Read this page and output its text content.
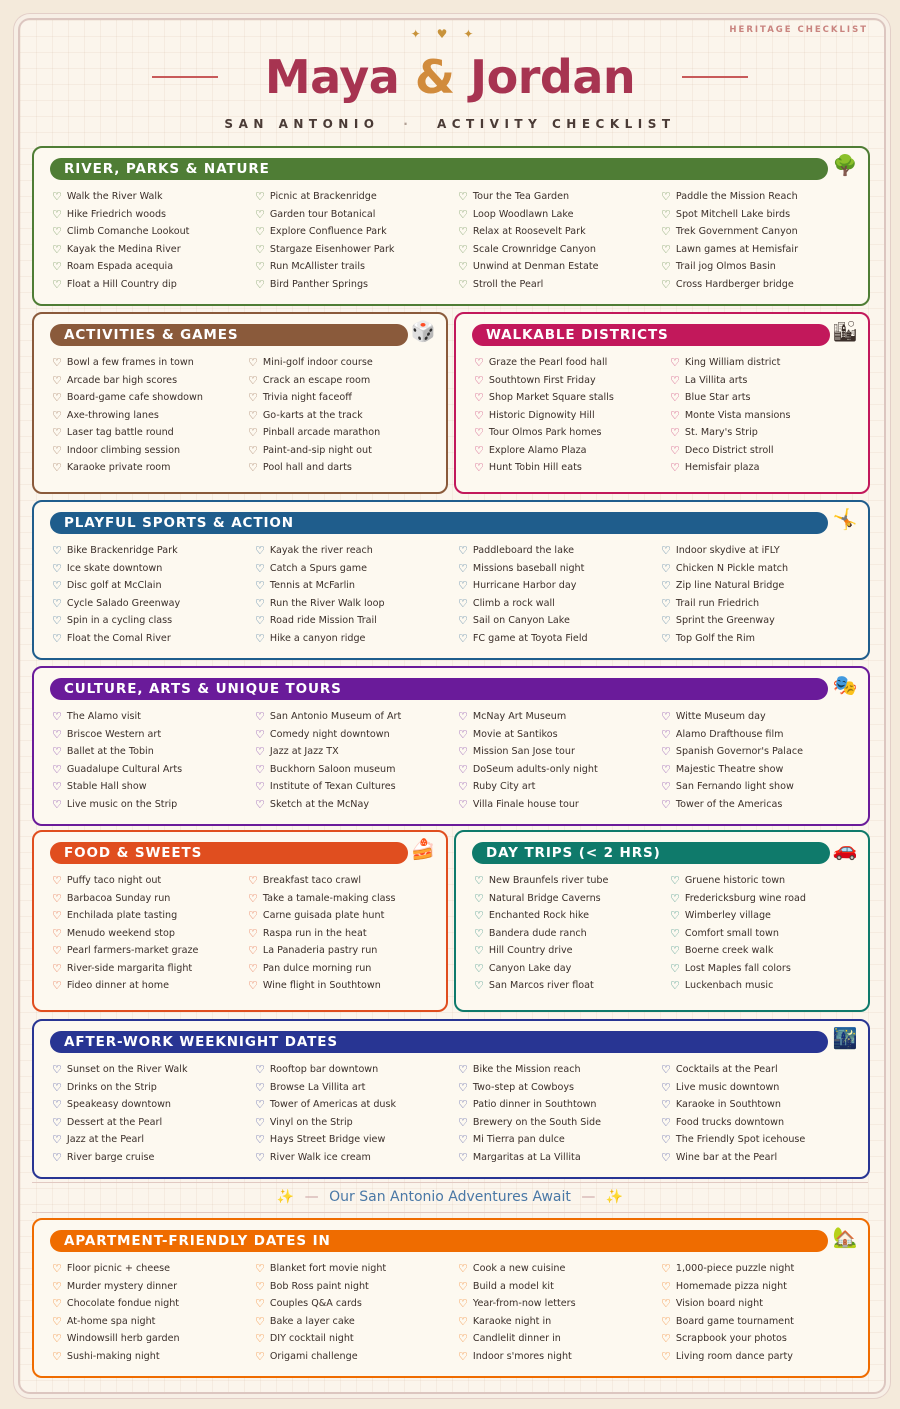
HERITAGE CHECKLIST
✦♥✦
Maya & Jordan
SAN ANTONIO · ACTIVITY CHECKLIST
RIVER, PARKS & NATURE	🌳
♡ Walk the River Walk
♡ Hike Friedrich woods
♡ Climb Comanche Lookout
♡ Kayak the Medina River
♡ Roam Espada acequia
♡ Float a Hill Country dip
♡ Picnic at Brackenridge
♡ Garden tour Botanical
♡ Explore Confluence Park
♡ Stargaze Eisenhower Park
♡ Run McAllister trails
♡ Bird Panther Springs
♡ Tour the Tea Garden
♡ Loop Woodlawn Lake
♡ Relax at Roosevelt Park
♡ Scale Crownridge Canyon
♡ Unwind at Denman Estate
♡ Stroll the Pearl
♡ Paddle the Mission Reach
♡ Spot Mitchell Lake birds
♡ Trek Government Canyon
♡ Lawn games at Hemisfair
♡ Trail jog Olmos Basin
♡ Cross Hardberger bridge
ACTIVITIES & GAMES	🎲
♡ Bowl a few frames in town
♡ Arcade bar high scores
♡ Board-game cafe showdown
♡ Axe-throwing lanes
♡ Laser tag battle round
♡ Indoor climbing session
♡ Karaoke private room
♡ Mini-golf indoor course
♡ Crack an escape room
♡ Trivia night faceoff
♡ Go-karts at the track
♡ Pinball arcade marathon
♡ Paint-and-sip night out
♡ Pool hall and darts
WALKABLE DISTRICTS	🏙
♡ Graze the Pearl food hall
♡ Southtown First Friday
♡ Shop Market Square stalls
♡ Historic Dignowity Hill
♡ Tour Olmos Park homes
♡ Explore Alamo Plaza
♡ Hunt Tobin Hill eats
♡ King William district
♡ La Villita arts
♡ Blue Star arts
♡ Monte Vista mansions
♡ St. Mary's Strip
♡ Deco District stroll
♡ Hemisfair plaza
PLAYFUL SPORTS & ACTION	🤸
♡ Bike Brackenridge Park
♡ Ice skate downtown
♡ Disc golf at McClain
♡ Cycle Salado Greenway
♡ Spin in a cycling class
♡ Float the Comal River
♡ Kayak the river reach
♡ Catch a Spurs game
♡ Tennis at McFarlin
♡ Run the River Walk loop
♡ Road ride Mission Trail
♡ Hike a canyon ridge
♡ Paddleboard the lake
♡ Missions baseball night
♡ Hurricane Harbor day
♡ Climb a rock wall
♡ Sail on Canyon Lake
♡ FC game at Toyota Field
♡ Indoor skydive at iFLY
♡ Chicken N Pickle match
♡ Zip line Natural Bridge
♡ Trail run Friedrich
♡ Sprint the Greenway
♡ Top Golf the Rim
CULTURE, ARTS & UNIQUE TOURS	🎭
♡ The Alamo visit
♡ Briscoe Western art
♡ Ballet at the Tobin
♡ Guadalupe Cultural Arts
♡ Stable Hall show
♡ Live music on the Strip
♡ San Antonio Museum of Art
♡ Comedy night downtown
♡ Jazz at Jazz TX
♡ Buckhorn Saloon museum
♡ Institute of Texan Cultures
♡ Sketch at the McNay
♡ McNay Art Museum
♡ Movie at Santikos
♡ Mission San Jose tour
♡ DoSeum adults-only night
♡ Ruby City art
♡ Villa Finale house tour
♡ Witte Museum day
♡ Alamo Drafthouse film
♡ Spanish Governor's Palace
♡ Majestic Theatre show
♡ San Fernando light show
♡ Tower of the Americas
FOOD & SWEETS	🍰
♡ Puffy taco night out
♡ Barbacoa Sunday run
♡ Enchilada plate tasting
♡ Menudo weekend stop
♡ Pearl farmers-market graze
♡ River-side margarita flight
♡ Fideo dinner at home
♡ Breakfast taco crawl
♡ Take a tamale-making class
♡ Carne guisada plate hunt
♡ Raspa run in the heat
♡ La Panaderia pastry run
♡ Pan dulce morning run
♡ Wine flight in Southtown
DAY TRIPS (< 2 HRS)	🚗
♡ New Braunfels river tube
♡ Natural Bridge Caverns
♡ Enchanted Rock hike
♡ Bandera dude ranch
♡ Hill Country drive
♡ Canyon Lake day
♡ San Marcos river float
♡ Gruene historic town
♡ Fredericksburg wine road
♡ Wimberley village
♡ Comfort small town
♡ Boerne creek walk
♡ Lost Maples fall colors
♡ Luckenbach music
AFTER-WORK WEEKNIGHT DATES	🌃
♡ Sunset on the River Walk
♡ Drinks on the Strip
♡ Speakeasy downtown
♡ Dessert at the Pearl
♡ Jazz at the Pearl
♡ River barge cruise
♡ Rooftop bar downtown
♡ Browse La Villita art
♡ Tower of Americas at dusk
♡ Vinyl on the Strip
♡ Hays Street Bridge view
♡ River Walk ice cream
♡ Bike the Mission reach
♡ Two-step at Cowboys
♡ Patio dinner in Southtown
♡ Brewery on the South Side
♡ Mi Tierra pan dulce
♡ Margaritas at La Villita
♡ Cocktails at the Pearl
♡ Live music downtown
♡ Karaoke in Southtown
♡ Food trucks downtown
♡ The Friendly Spot icehouse
♡ Wine bar at the Pearl
APARTMENT-FRIENDLY DATES IN	🏡
♡ Floor picnic + cheese
♡ Murder mystery dinner
♡ Chocolate fondue night
♡ At-home spa night
♡ Windowsill herb garden
♡ Sushi-making night
♡ Blanket fort movie night
♡ Bob Ross paint night
♡ Couples Q&A cards
♡ Bake a layer cake
♡ DIY cocktail night
♡ Origami challenge
♡ Cook a new cuisine
♡ Build a model kit
♡ Year-from-now letters
♡ Karaoke night in
♡ Candlelit dinner in
♡ Indoor s'mores night
♡ 1,000-piece puzzle night
♡ Homemade pizza night
♡ Vision board night
♡ Board game tournament
♡ Scrapbook your photos
♡ Living room dance party
✨ — Our San Antonio Adventures Await — ✨
